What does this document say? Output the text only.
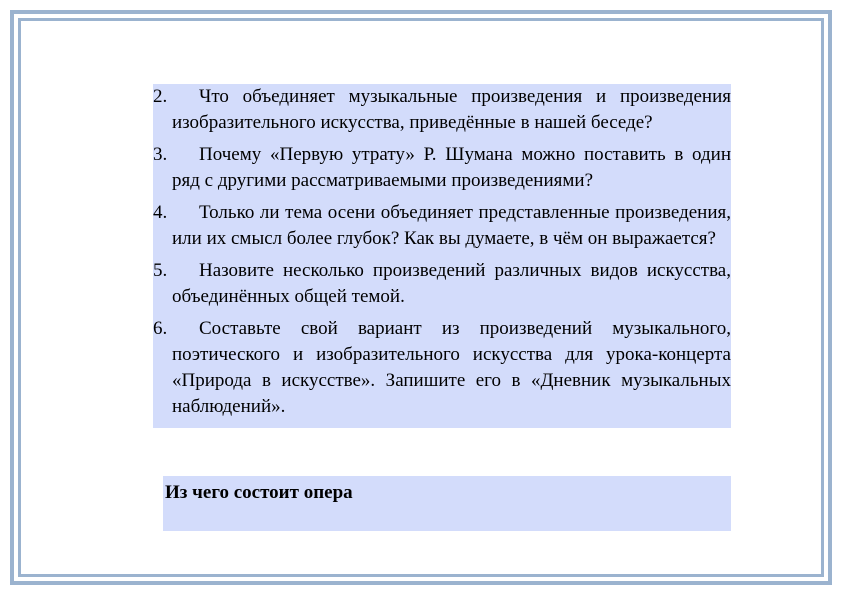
2. Что объединяет музыкальные произведения и произведения изобразительного искусства, приведённые в нашей беседе?
3. Почему «Первую утрату» Р. Шумана можно поставить в один ряд с другими рассматриваемыми произведениями?
4. Только ли тема осени объединяет представленные произведения, или их смысл более глубок? Как вы думаете, в чём он выражается?
5. Назовите несколько произведений различных видов искусства, объединённых общей темой.
6. Составьте свой вариант из произведений музыкального, поэтического и изобразительного искусства для урока-концерта «Природа в искусстве». Запишите его в «Дневник музыкальных наблюдений».
Из чего состоит опера
